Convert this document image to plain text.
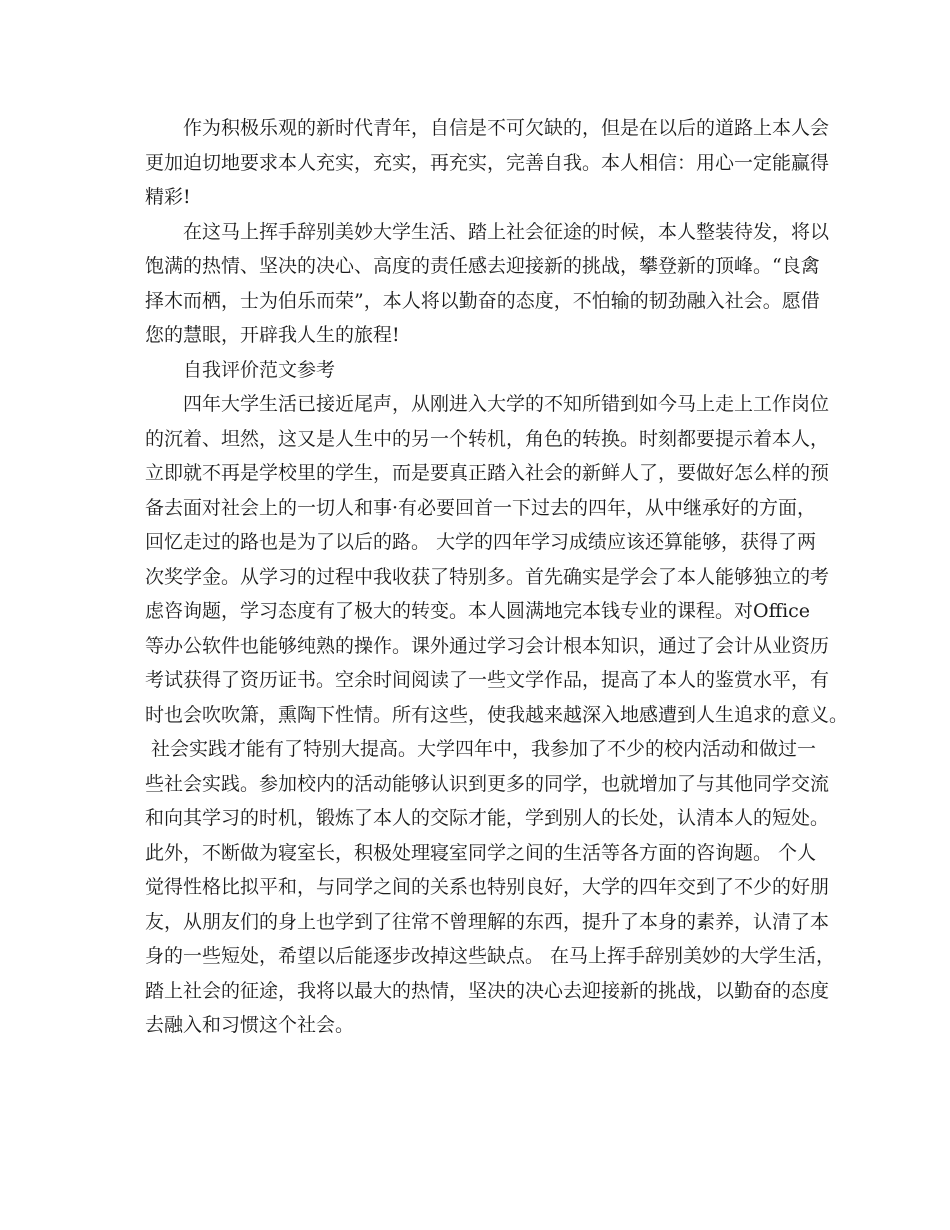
　　作为积极乐观的新时代青年，自信是不可欠缺的，但是在以后的道路上本人会
更加迫切地要求本人充实，充实，再充实，完善自我。本人相信：用心一定能赢得
精彩!
　　在这马上挥手辞别美妙大学生活、踏上社会征途的时候，本人整装待发，将以
饱满的热情、坚决的决心、高度的责任感去迎接新的挑战，攀登新的顶峰。“良禽
择木而栖，士为伯乐而荣”，本人将以勤奋的态度，不怕输的韧劲融入社会。愿借
您的慧眼，开辟我人生的旅程!
　　自我评价范文参考
　　四年大学生活已接近尾声，从刚进入大学的不知所错到如今马上走上工作岗位
的沉着、坦然，这又是人生中的另一个转机，角色的转换。时刻都要提示着本人，
立即就不再是学校里的学生，而是要真正踏入社会的新鲜人了，要做好怎么样的预
备去面对社会上的一切人和事·有必要回首一下过去的四年，从中继承好的方面，
回忆走过的路也是为了以后的路。 大学的四年学习成绩应该还算能够，获得了两
次奖学金。从学习的过程中我收获了特别多。首先确实是学会了本人能够独立的考
虑咨询题，学习态度有了极大的转变。本人圆满地完本钱专业的课程。对Office
等办公软件也能够纯熟的操作。课外通过学习会计根本知识，通过了会计从业资历
考试获得了资历证书。空余时间阅读了一些文学作品，提高了本人的鉴赏水平，有
时也会吹吹箫，熏陶下性情。所有这些，使我越来越深入地感遭到人生追求的意义。
社会实践才能有了特别大提高。大学四年中，我参加了不少的校内活动和做过一
些社会实践。参加校内的活动能够认识到更多的同学，也就增加了与其他同学交流
和向其学习的时机，锻炼了本人的交际才能，学到别人的长处，认清本人的短处。
此外，不断做为寝室长，积极处理寝室同学之间的生活等各方面的咨询题。 个人
觉得性格比拟平和，与同学之间的关系也特别良好，大学的四年交到了不少的好朋
友，从朋友们的身上也学到了往常不曾理解的东西，提升了本身的素养，认清了本
身的一些短处，希望以后能逐步改掉这些缺点。 在马上挥手辞别美妙的大学生活，
踏上社会的征途，我将以最大的热情，坚决的决心去迎接新的挑战，以勤奋的态度
去融入和习惯这个社会。
